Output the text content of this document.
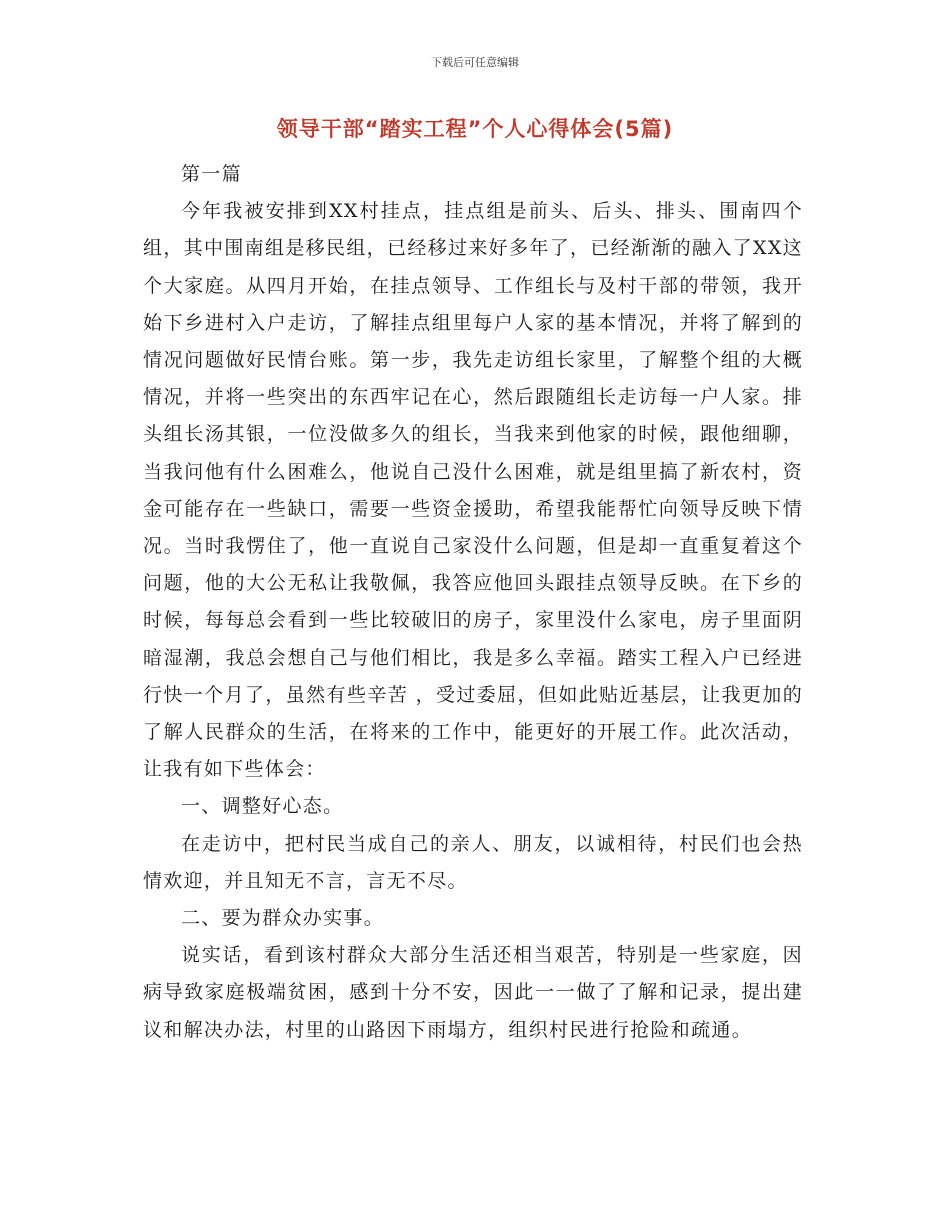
下载后可任意编辑
领导干部“踏实工程”个人心得体会(5篇)

第一篇

今年我被安排到XX村挂点，挂点组是前头、后头、排头、围南四个组，其中围南组是移民组，已经移过来好多年了，已经渐渐的融入了XX这个大家庭。从四月开始，在挂点领导、工作组长与及村干部的带领，我开始下乡进村入户走访，了解挂点组里每户人家的基本情况，并将了解到的情况问题做好民情台账。第一步，我先走访组长家里，了解整个组的大概情况，并将一些突出的东西牢记在心，然后跟随组长走访每一户人家。排头组长汤其银，一位没做多久的组长，当我来到他家的时候，跟他细聊，当我问他有什么困难么，他说自己没什么困难，就是组里搞了新农村，资金可能存在一些缺口，需要一些资金援助，希望我能帮忙向领导反映下情况。当时我愣住了，他一直说自己家没什么问题，但是却一直重复着这个问题，他的大公无私让我敬佩，我答应他回头跟挂点领导反映。在下乡的时候，每每总会看到一些比较破旧的房子，家里没什么家电，房子里面阴暗湿潮，我总会想自己与他们相比，我是多么幸福。踏实工程入户已经进行快一个月了，虽然有些辛苦 ，受过委屈，但如此贴近基层，让我更加的了解人民群众的生活，在将来的工作中，能更好的开展工作。此次活动，让我有如下些体会：

一、调整好心态。

在走访中，把村民当成自己的亲人、朋友，以诚相待，村民们也会热情欢迎，并且知无不言，言无不尽。

二、要为群众办实事。

说实话，看到该村群众大部分生活还相当艰苦，特别是一些家庭，因病导致家庭极端贫困，感到十分不安，因此一一做了了解和记录，提出建议和解决办法，村里的山路因下雨塌方，组织村民进行抢险和疏通。
